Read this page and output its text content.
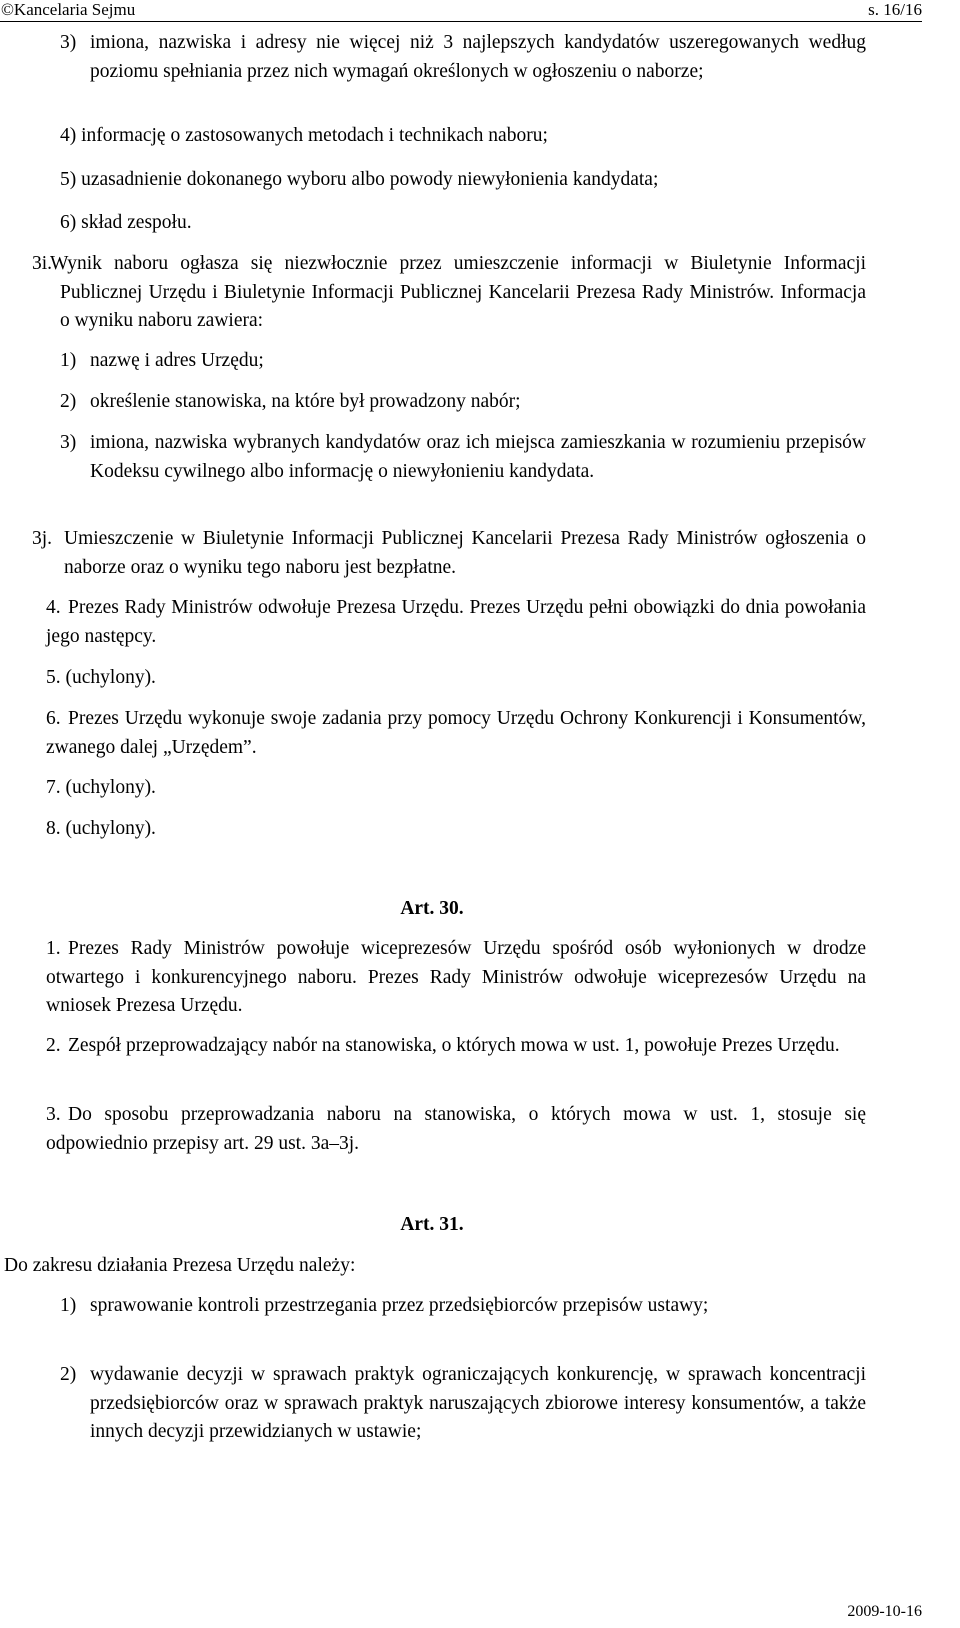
©Kancelaria Sejmu	s. 16/16
3) imiona, nazwiska i adresy nie więcej niż 3 najlepszych kandydatów uszeregowanych według poziomu spełniania przez nich wymagań określonych w ogłoszeniu o naborze;

4) informację o zastosowanych metodach i technikach naboru;

5) uzasadnienie dokonanego wyboru albo powody niewyłonienia kandydata;

6) skład zespołu.

3i.

Wynik naboru ogłasza się niezwłocznie przez umieszczenie informacji w Biuletynie Informacji Publicznej Urzędu i Biuletynie Informacji Publicznej Kancelarii Prezesa Rady Ministrów. Informacja o wyniku naboru zawiera:

1) nazwę i adres Urzędu;

2) określenie stanowiska, na które był prowadzony nabór;

3) imiona, nazwiska wybranych kandydatów oraz ich miejsca zamieszkania w rozumieniu przepisów Kodeksu cywilnego albo informację o niewyłonieniu kandydata.

3j. Umieszczenie w Biuletynie Informacji Publicznej Kancelarii Prezesa Rady Ministrów ogłoszenia o naborze oraz o wyniku tego naboru jest bezpłatne.

4. Prezes Rady Ministrów odwołuje Prezesa Urzędu. Prezes Urzędu pełni obowiązki do dnia powołania jego następcy.

5. (uchylony).

6. Prezes Urzędu wykonuje swoje zadania przy pomocy Urzędu Ochrony Konkurencji i Konsumentów, zwanego dalej „Urzędem”.

7. (uchylony).

8. (uchylony).

Art. 30.

1. Prezes Rady Ministrów powołuje wiceprezesów Urzędu spośród osób wyłonionych w drodze otwartego i konkurencyjnego naboru. Prezes Rady Ministrów odwołuje wiceprezesów Urzędu na wniosek Prezesa Urzędu.

2. Zespół przeprowadzający nabór na stanowiska, o których mowa w ust. 1, powołuje Prezes Urzędu.

3. Do sposobu przeprowadzania naboru na stanowiska, o których mowa w ust. 1, stosuje się odpowiednio przepisy art. 29 ust. 3a–3j.

Art. 31.

Do zakresu działania Prezesa Urzędu należy:

1) sprawowanie kontroli przestrzegania przez przedsiębiorców przepisów ustawy;

2) wydawanie decyzji w sprawach praktyk ograniczających konkurencję, w sprawach koncentracji przedsiębiorców oraz w sprawach praktyk naruszających zbiorowe interesy konsumentów, a także innych decyzji przewidzianych w ustawie;

2009-10-16
